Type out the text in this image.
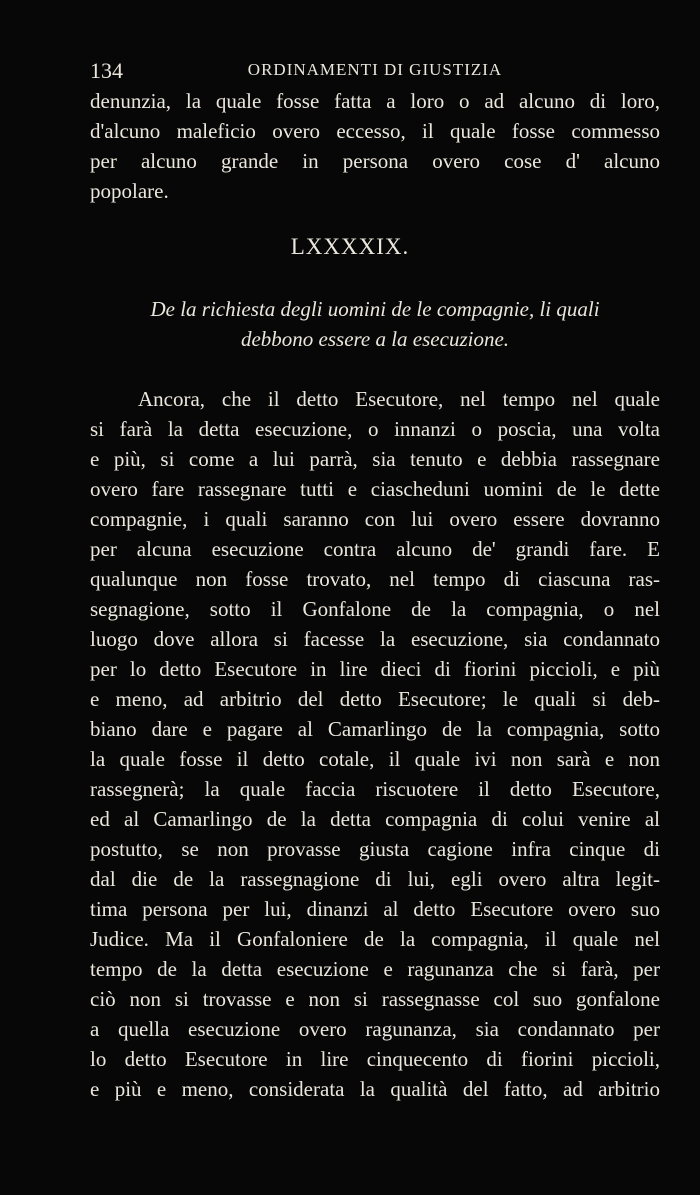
134	ORDINAMENTI DI GIUSTIZIA
denunzia, la quale fosse fatta a loro o ad alcuno di loro,
d'alcuno maleficio overo eccesso, il quale fosse commesso
per alcuno grande in persona overo cose d' alcuno
popolare.
LXXXXIX.
De la richiesta degli uomini de le compagnie, li quali
debbono essere a la esecuzione.
Ancora, che il detto Esecutore, nel tempo nel quale
si farà la detta esecuzione, o innanzi o poscia, una volta
e più, si come a lui parrà, sia tenuto e debbia rassegnare
overo fare rassegnare tutti e ciascheduni uomini de le dette
compagnie, i quali saranno con lui overo essere dovranno
per alcuna esecuzione contra alcuno de' grandi fare. E
qualunque non fosse trovato, nel tempo di ciascuna ras-
segnagione, sotto il Gonfalone de la compagnia, o nel
luogo dove allora si facesse la esecuzione, sia condannato
per lo detto Esecutore in lire dieci di fiorini piccioli, e più
e meno, ad arbitrio del detto Esecutore; le quali si deb-
biano dare e pagare al Camarlingo de la compagnia, sotto
la quale fosse il detto cotale, il quale ivi non sarà e non
rassegnerà; la quale faccia riscuotere il detto Esecutore,
ed al Camarlingo de la detta compagnia di colui venire al
postutto, se non provasse giusta cagione infra cinque di
dal die de la rassegnagione di lui, egli overo altra legit-
tima persona per lui, dinanzi al detto Esecutore overo suo
Judice. Ma il Gonfaloniere de la compagnia, il quale nel
tempo de la detta esecuzione e ragunanza che si farà, per
ciò non si trovasse e non si rassegnasse col suo gonfalone
a quella esecuzione overo ragunanza, sia condannato per
lo detto Esecutore in lire cinquecento di fiorini piccioli,
e più e meno, considerata la qualità del fatto, ad arbitrio
